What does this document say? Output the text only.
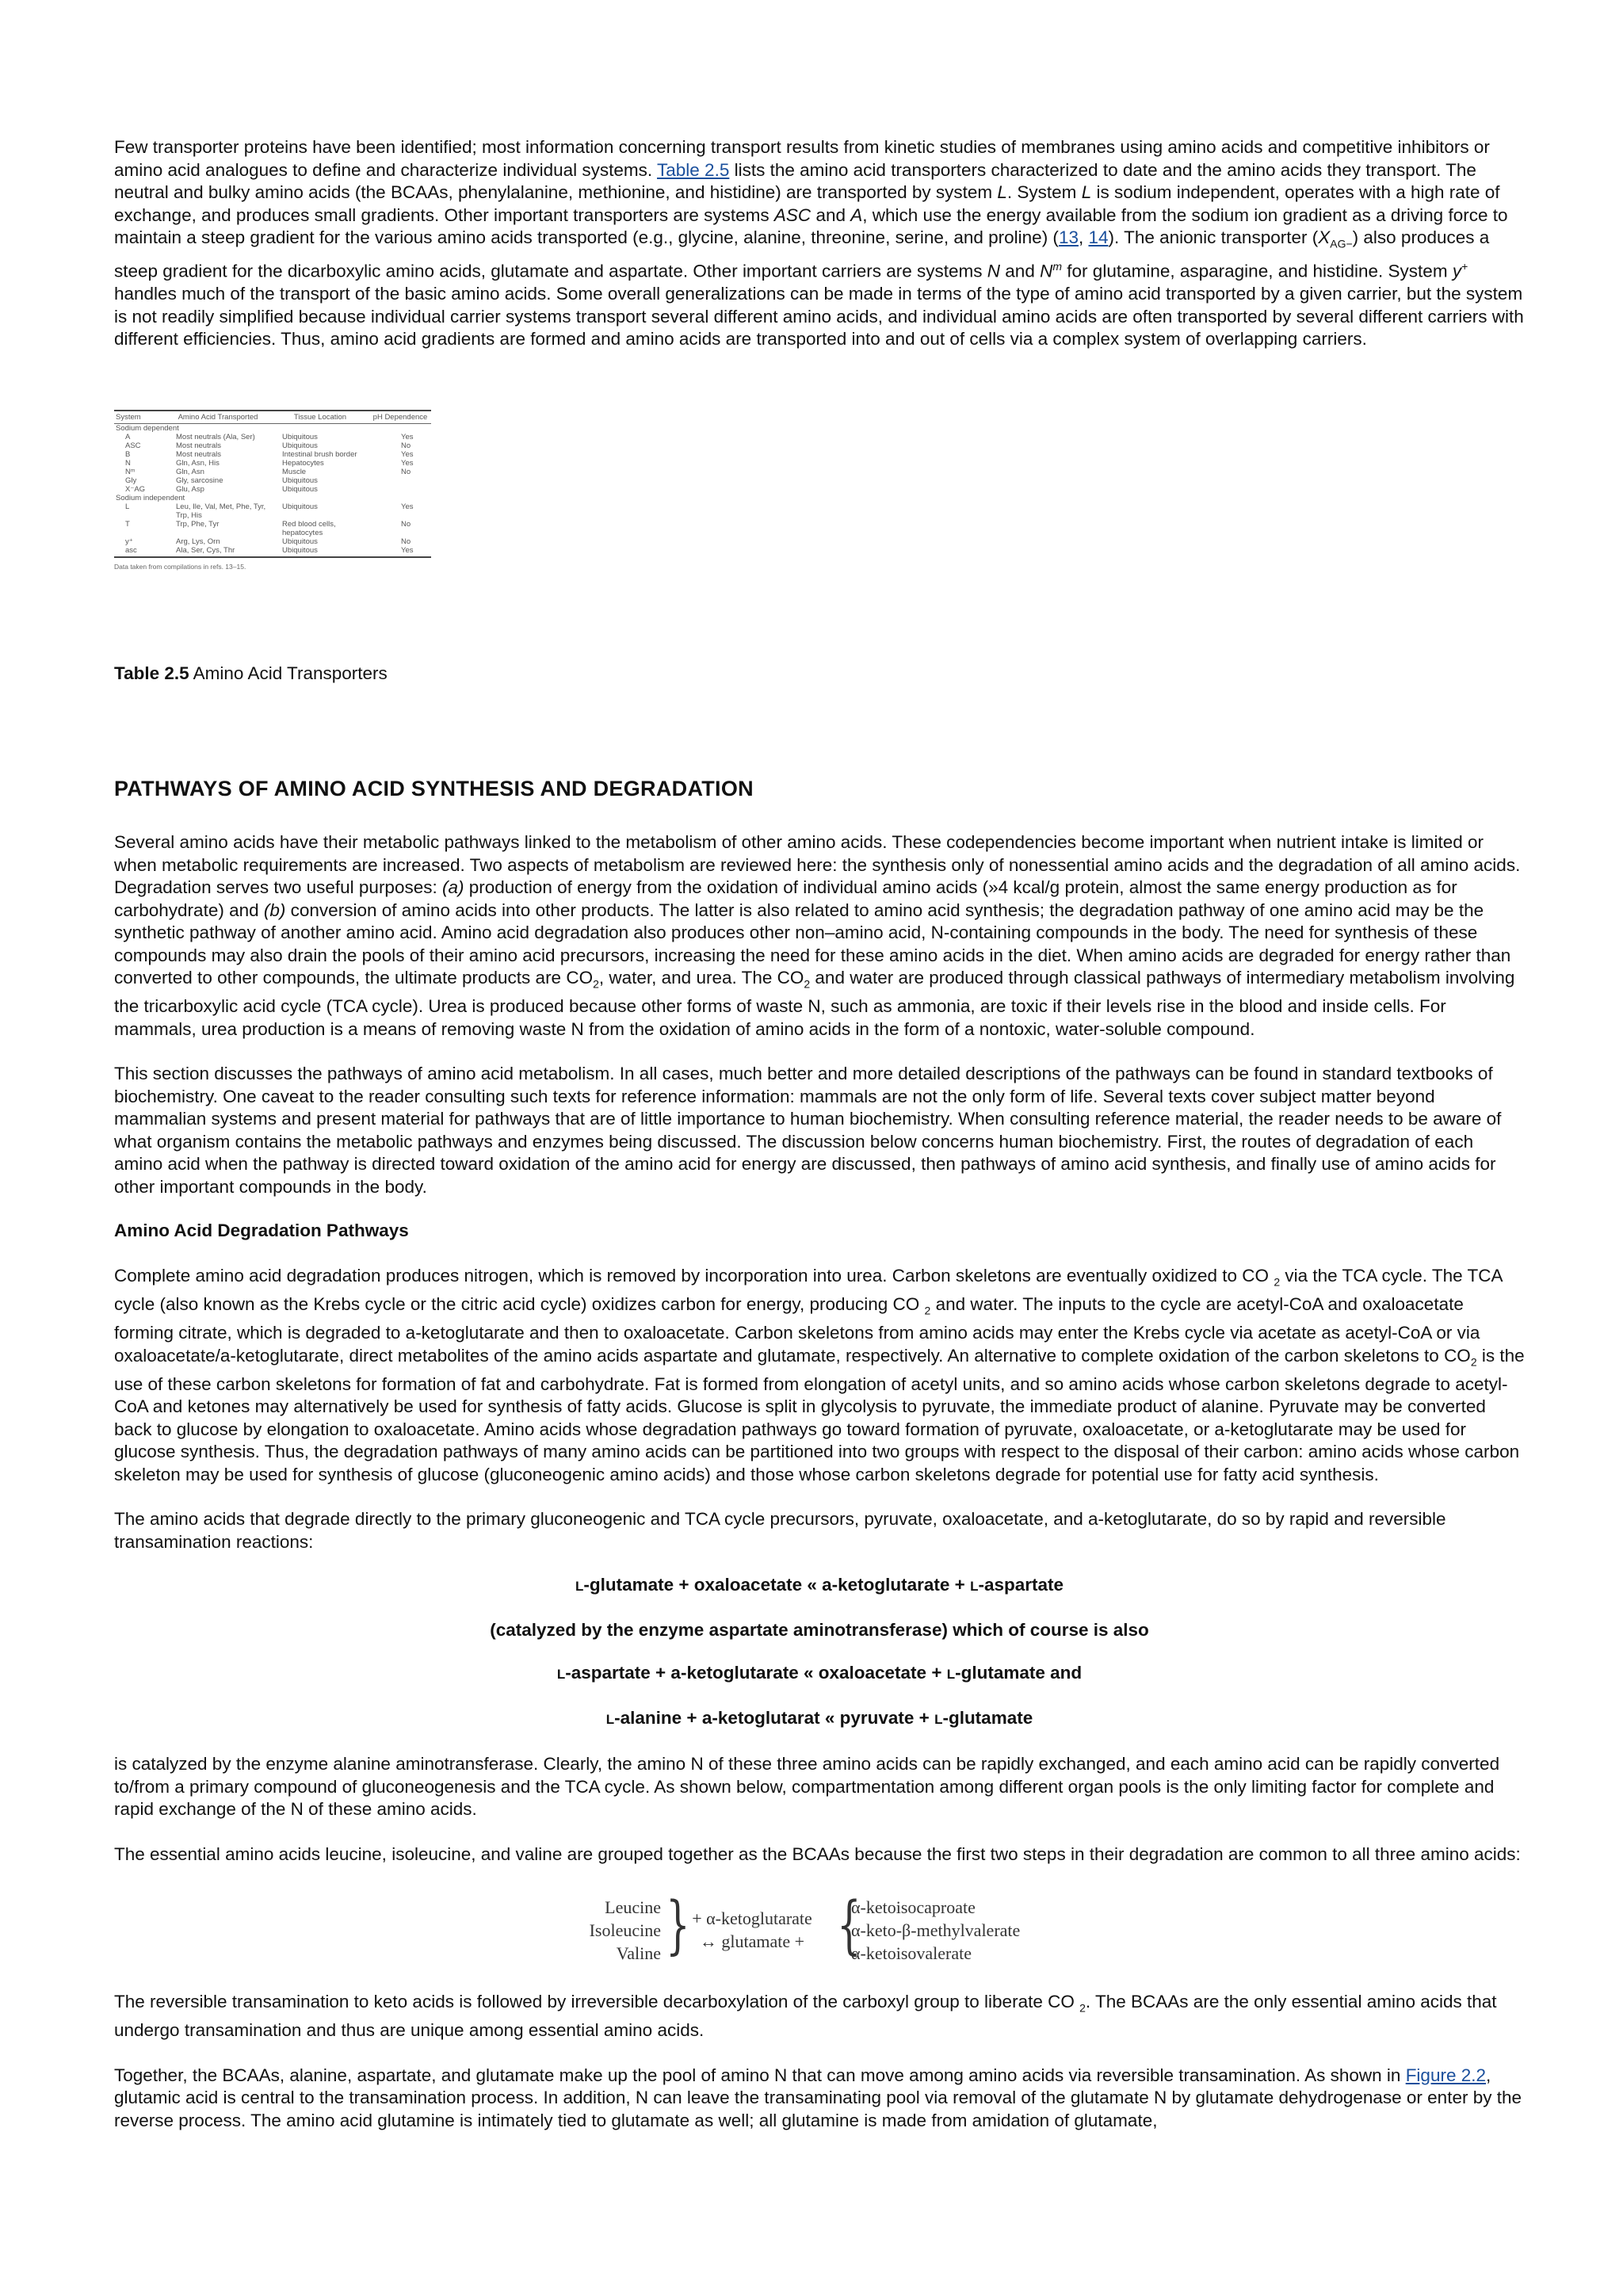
Few transporter proteins have been identified; most information concerning transport results from kinetic studies of membranes using amino acids and competitive inhibitors or amino acid analogues to define and characterize individual systems. Table 2.5 lists the amino acid transporters characterized to date and the amino acids they transport. The neutral and bulky amino acids (the BCAAs, phenylalanine, methionine, and histidine) are transported by system L. System L is sodium independent, operates with a high rate of exchange, and produces small gradients. Other important transporters are systems ASC and A, which use the energy available from the sodium ion gradient as a driving force to maintain a steep gradient for the various amino acids transported (e.g., glycine, alanine, threonine, serine, and proline) (13, 14). The anionic transporter $(X_{AG-})$ also produces a steep gradient for the dicarboxylic amino acids, glutamate and aspartate. Other important carriers are systems N and $N^m$ for glutamine, asparagine, and histidine. System y+ handles much of the transport of the basic amino acids. Some overall generalizations can be made in terms of the type of amino acid transported by a given carrier, but the system is not readily simplified because individual carrier systems transport several different amino acids, and individual amino acids are often transported by several different carriers with different efficiencies. Thus, amino acid gradients are formed and amino acids are transported into and out of cells via a complex system of overlapping carriers.

System	Amino Acid Transported	Tissue Location	pH Dependence
Sodium dependent			
A	Most neutrals (Ala, Ser)	Ubiquitous	Yes
ASC	Most neutrals	Ubiquitous	No
B	Most neutrals	Intestinal brush border	Yes
N	Gln, Asn, His	Hepatocytes	Yes
Nᵐ	Gln, Asn	Muscle	No
Gly	Gly, sarcosine	Ubiquitous	
X⁻AG	Glu, Asp	Ubiquitous	
Sodium independent			
L	Leu, Ile, Val, Met, Phe, Tyr, Trp, His	Ubiquitous	Yes
T	Trp, Phe, Tyr	Red blood cells, hepatocytes	No
y⁺	Arg, Lys, Orn	Ubiquitous	No
asc	Ala, Ser, Cys, Thr	Ubiquitous	Yes
Data taken from compilations in refs. 13–15.
Table 2.5 Amino Acid Transporters
PATHWAYS OF AMINO ACID SYNTHESIS AND DEGRADATION

Several amino acids have their metabolic pathways linked to the metabolism of other amino acids. These codependencies become important when nutrient intake is limited or when metabolic requirements are increased. Two aspects of metabolism are reviewed here: the synthesis only of nonessential amino acids and the degradation of all amino acids. Degradation serves two useful purposes: (a) production of energy from the oxidation of individual amino acids (»4 kcal/g protein, almost the same energy production as for carbohydrate) and (b) conversion of amino acids into other products. The latter is also related to amino acid synthesis; the degradation pathway of one amino acid may be the synthetic pathway of another amino acid. Amino acid degradation also produces other non–amino acid, N-containing compounds in the body. The need for synthesis of these compounds may also drain the pools of their amino acid precursors, increasing the need for these amino acids in the diet. When amino acids are degraded for energy rather than converted to other compounds, the ultimate products are $CO_2$, water, and urea. The $CO_2$ and water are produced through classical pathways of intermediary metabolism involving the tricarboxylic acid cycle (TCA cycle). Urea is produced because other forms of waste N, such as ammonia, are toxic if their levels rise in the blood and inside cells. For mammals, urea production is a means of removing waste N from the oxidation of amino acids in the form of a nontoxic, water-soluble compound.

This section discusses the pathways of amino acid metabolism. In all cases, much better and more detailed descriptions of the pathways can be found in standard textbooks of biochemistry. One caveat to the reader consulting such texts for reference information: mammals are not the only form of life. Several texts cover subject matter beyond mammalian systems and present material for pathways that are of little importance to human biochemistry. When consulting reference material, the reader needs to be aware of what organism contains the metabolic pathways and enzymes being discussed. The discussion below concerns human biochemistry. First, the routes of degradation of each amino acid when the pathway is directed toward oxidation of the amino acid for energy are discussed, then pathways of amino acid synthesis, and finally use of amino acids for other important compounds in the body.

Amino Acid Degradation Pathways

Complete amino acid degradation produces nitrogen, which is removed by incorporation into urea. Carbon skeletons are eventually oxidized to CO $_2$ via the TCA cycle. The TCA cycle (also known as the Krebs cycle or the citric acid cycle) oxidizes carbon for energy, producing CO $_2$ and water. The inputs to the cycle are acetyl-CoA and oxaloacetate forming citrate, which is degraded to a-ketoglutarate and then to oxaloacetate. Carbon skeletons from amino acids may enter the Krebs cycle via acetate as acetyl-CoA or via oxaloacetate/a-ketoglutarate, direct metabolites of the amino acids aspartate and glutamate, respectively. An alternative to complete oxidation of the carbon skeletons to $CO_2$ is the use of these carbon skeletons for formation of fat and carbohydrate. Fat is formed from elongation of acetyl units, and so amino acids whose carbon skeletons degrade to acetyl-CoA and ketones may alternatively be used for synthesis of fatty acids. Glucose is split in glycolysis to pyruvate, the immediate product of alanine. Pyruvate may be converted back to glucose by elongation to oxaloacetate. Amino acids whose degradation pathways go toward formation of pyruvate, oxaloacetate, or a-ketoglutarate may be used for glucose synthesis. Thus, the degradation pathways of many amino acids can be partitioned into two groups with respect to the disposal of their carbon: amino acids whose carbon skeleton may be used for synthesis of glucose (gluconeogenic amino acids) and those whose carbon skeletons degrade for potential use for fatty acid synthesis.

The amino acids that degrade directly to the primary gluconeogenic and TCA cycle precursors, pyruvate, oxaloacetate, and a-ketoglutarate, do so by rapid and reversible transamination reactions:

L-glutamate + oxaloacetate « a-ketoglutarate + L-aspartate
(catalyzed by the enzyme aspartate aminotransferase) which of course is also
L-aspartate + a-ketoglutarate « oxaloacetate + L-glutamate and
L-alanine + a-ketoglutarat « pyruvate + L-glutamate

is catalyzed by the enzyme alanine aminotransferase. Clearly, the amino N of these three amino acids can be rapidly exchanged, and each amino acid can be rapidly converted to/from a primary compound of gluconeogenesis and the TCA cycle. As shown below, compartmentation among different organ pools is the only limiting factor for complete and rapid exchange of the N of these amino acids.

The essential amino acids leucine, isoleucine, and valine are grouped together as the BCAAs because the first two steps in their degradation are common to all three amino acids:

Leucine
Isoleucine
Valine } + α-ketoglutarate
↔ glutamate + {
α-ketoisocaproate
α-keto-β-methylvalerate
α-ketoisovalerate

The reversible transamination to keto acids is followed by irreversible decarboxylation of the carboxyl group to liberate CO $_2$. The BCAAs are the only essential amino acids that undergo transamination and thus are unique among essential amino acids.

Together, the BCAAs, alanine, aspartate, and glutamate make up the pool of amino N that can move among amino acids via reversible transamination. As shown in Figure 2.2, glutamic acid is central to the transamination process. In addition, N can leave the transaminating pool via removal of the glutamate N by glutamate dehydrogenase or enter by the reverse process. The amino acid glutamine is intimately tied to glutamate as well; all glutamine is made from amidation of glutamate,
